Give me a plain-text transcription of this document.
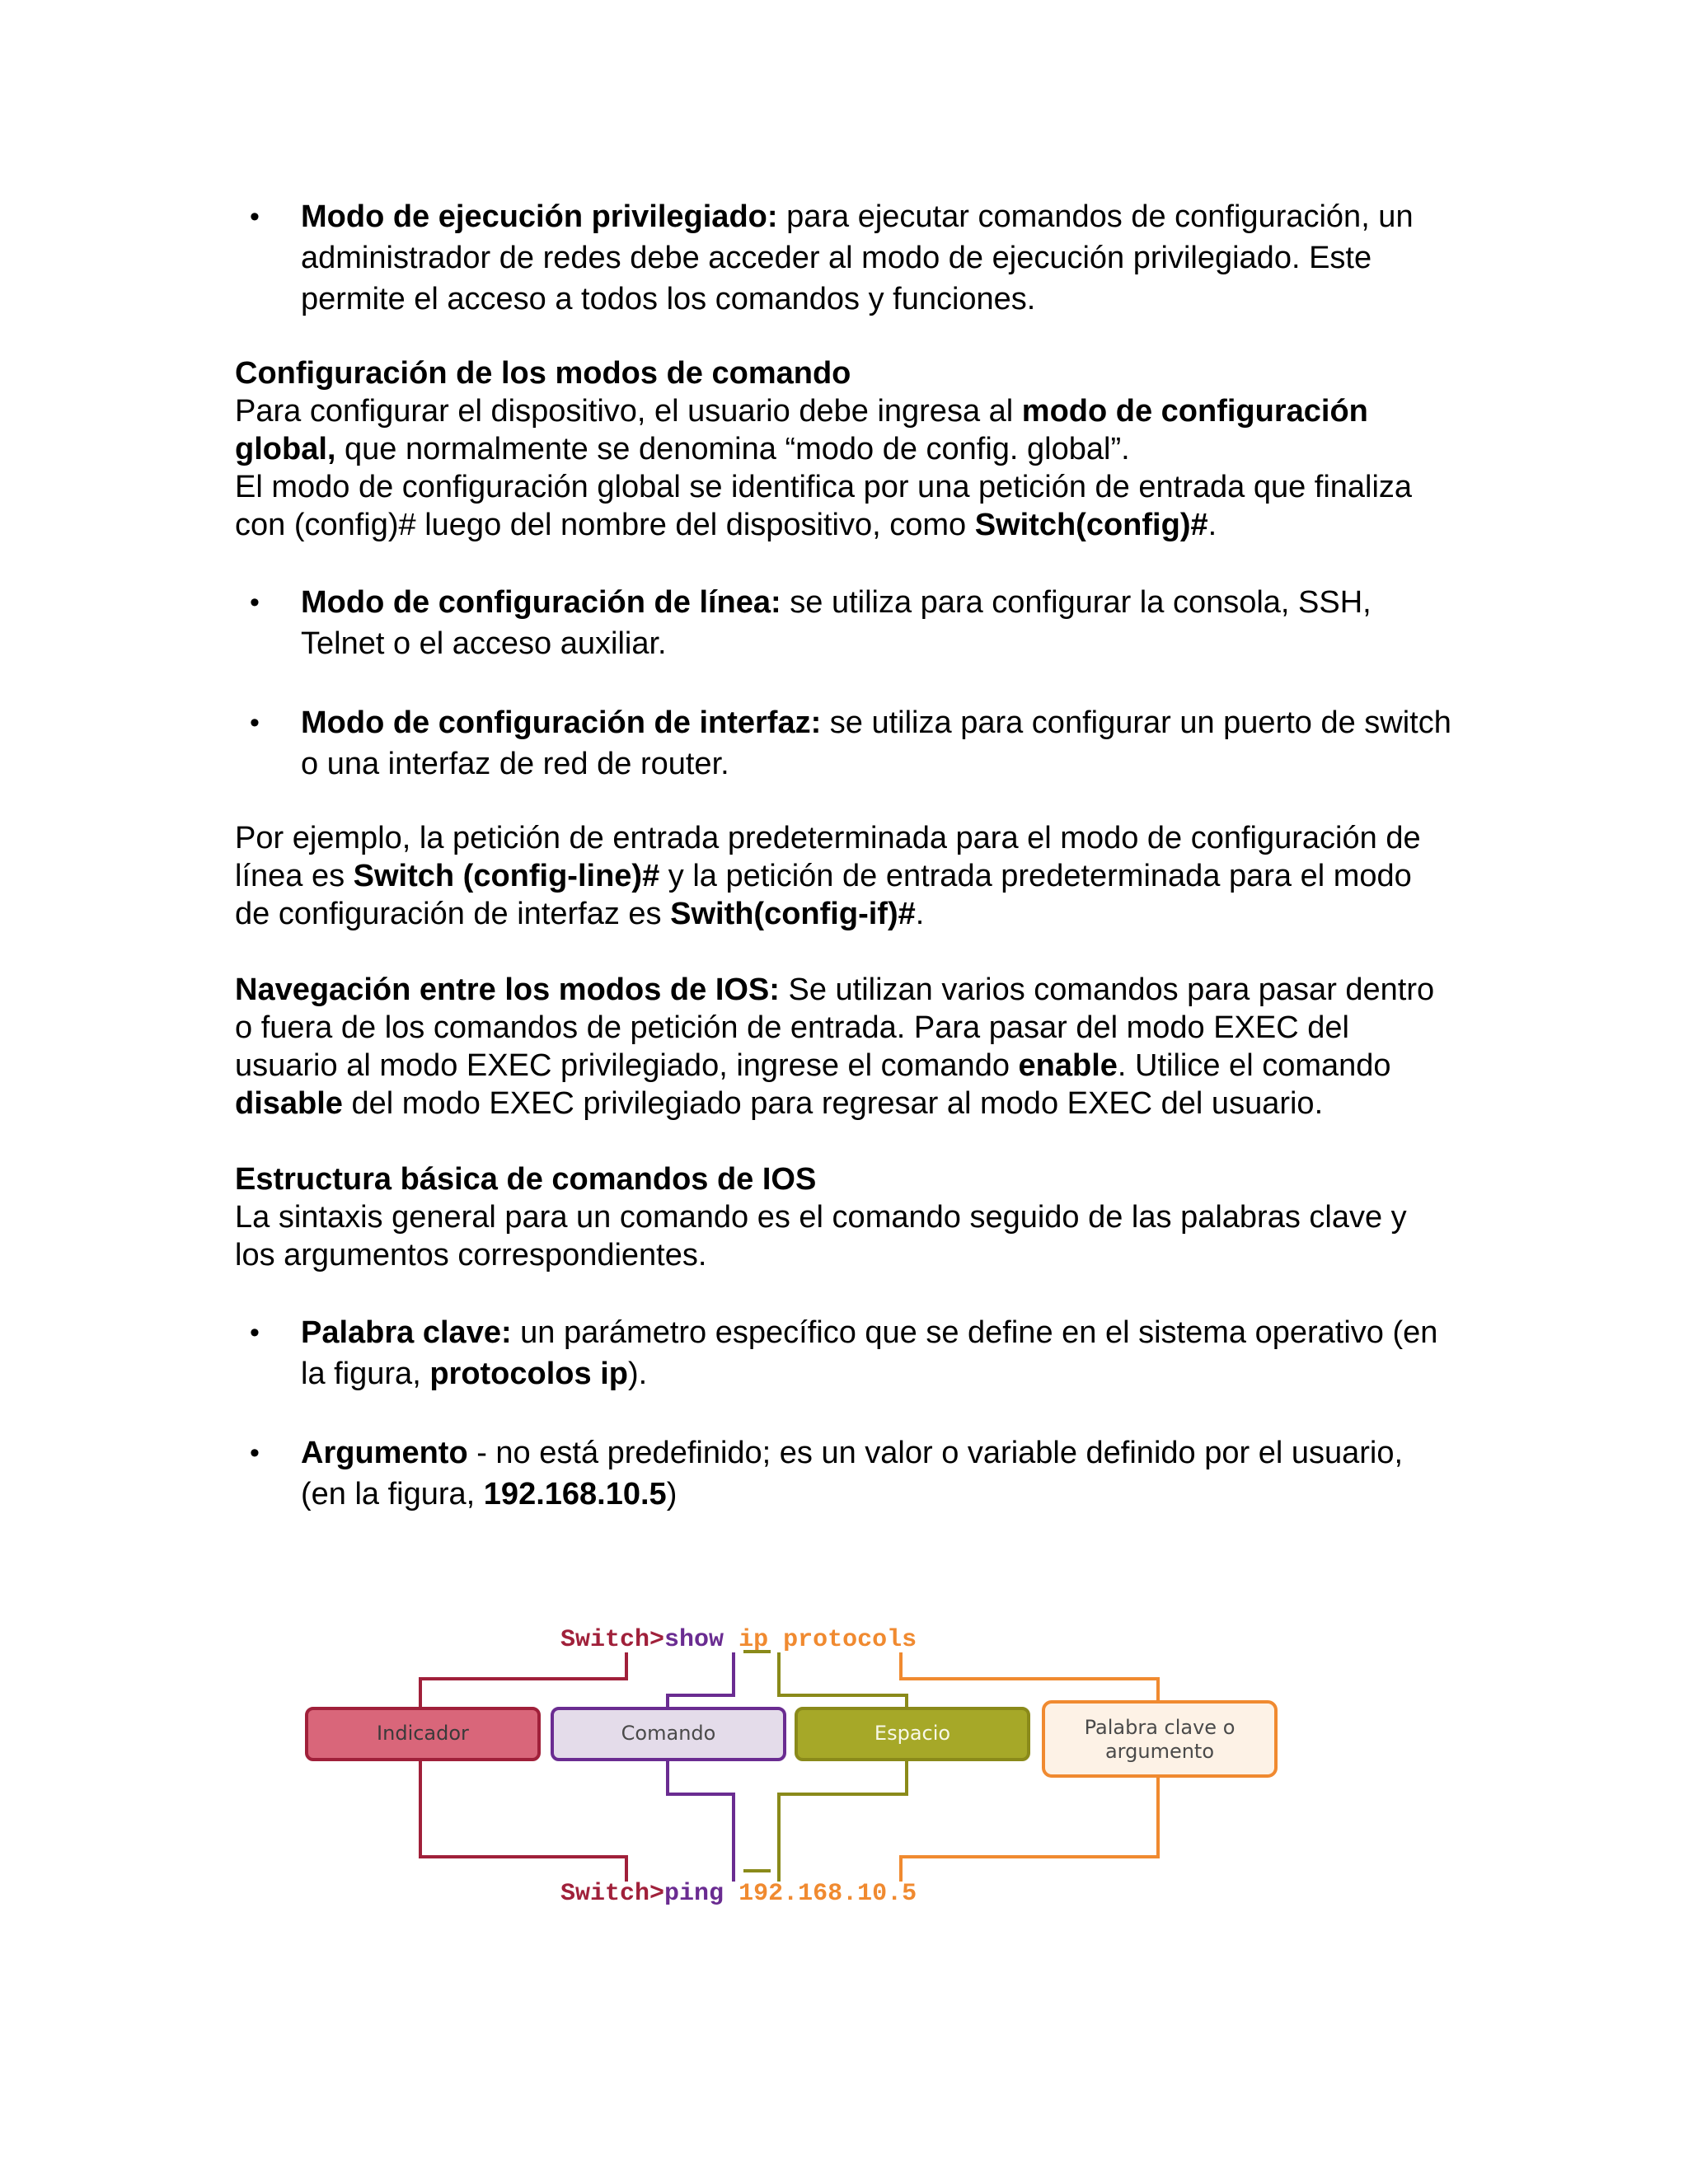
• Modo de ejecución privilegiado: para ejecutar comandos de configuración, un administrador de redes debe acceder al modo de ejecución privilegiado. Este permite el acceso a todos los comandos y funciones.

Configuración de los modos de comando

Para configurar el dispositivo, el usuario debe ingresa al modo de configuración global, que normalmente se denomina “modo de config. global”.

El modo de configuración global se identifica por una petición de entrada que finaliza con (config)# luego del nombre del dispositivo, como Switch(config)#.

• Modo de configuración de línea: se utiliza para configurar la consola, SSH, Telnet o el acceso auxiliar.
• Modo de configuración de interfaz: se utiliza para configurar un puerto de switch o una interfaz de red de router.

Por ejemplo, la petición de entrada predeterminada para el modo de configuración de línea es Switch (config-line)# y la petición de entrada predeterminada para el modo de configuración de interfaz es Swith(config-if)#.

Navegación entre los modos de IOS: Se utilizan varios comandos para pasar dentro o fuera de los comandos de petición de entrada. Para pasar del modo EXEC del usuario al modo EXEC privilegiado, ingrese el comando enable. Utilice el comando disable del modo EXEC privilegiado para regresar al modo EXEC del usuario.

Estructura básica de comandos de IOS

La sintaxis general para un comando es el comando seguido de las palabras clave y los argumentos correspondientes.

• Palabra clave: un parámetro específico que se define en el sistema operativo (en la figura, protocolos ip).
• Argumento - no está predefinido; es un valor o variable definido por el usuario, (en la figura, 192.168.10.5)
Switch>show ip protocols
Indicador	Comando	Espacio	Palabra clave o
argumento
Switch>ping 192.168.10.5
